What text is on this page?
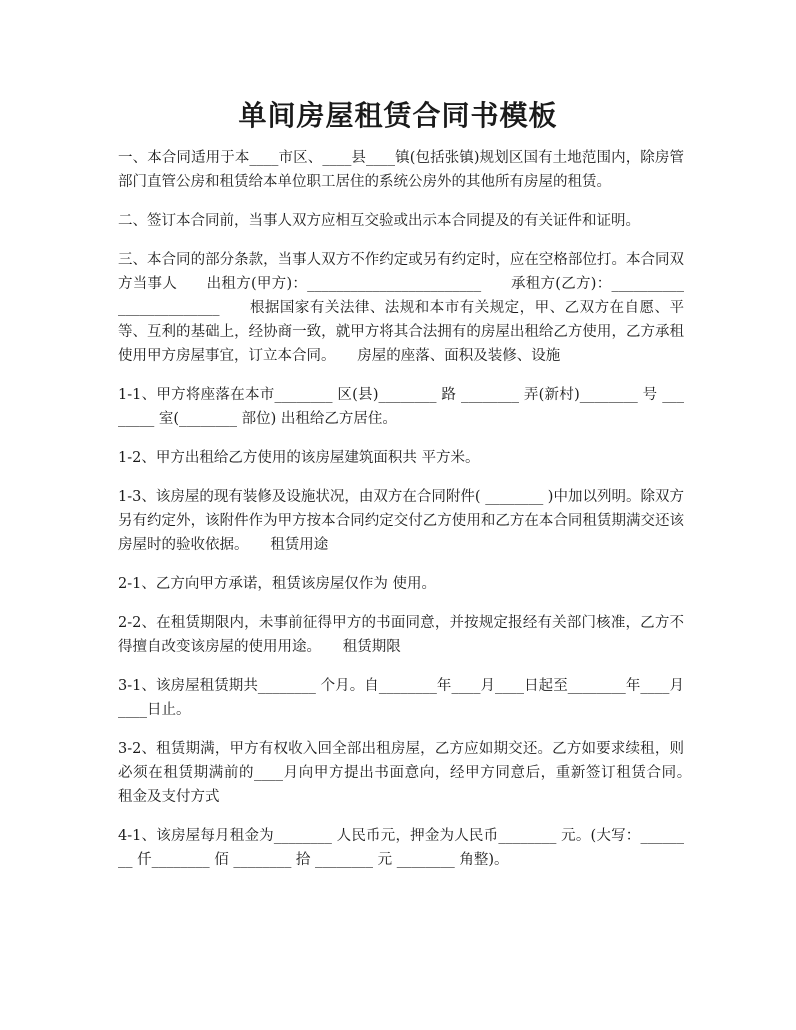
单间房屋租赁合同书模板

一、本合同适用于本____市区、____县____镇(包括张镇)规划区国有土地范围内，除房管部门直管公房和租赁给本单位职工居住的系统公房外的其他所有房屋的租赁。

二、签订本合同前，当事人双方应相互交验或出示本合同提及的有关证件和证明。

三、本合同的部分条款，当事人双方不作约定或另有约定时，应在空格部位打。本合同双方当事人　　出租方(甲方)：________________________　　承租方(乙方)：________________________　　根据国家有关法律、法规和本市有关规定，甲、乙双方在自愿、平等、互利的基础上，经协商一致，就甲方将其合法拥有的房屋出租给乙方使用，乙方承租使用甲方房屋事宜，订立本合同。　　房屋的座落、面积及装修、设施

1-1、甲方将座落在本市________ 区(县)________ 路 ________ 弄(新村)________ 号 ________ 室(________ 部位) 出租给乙方居住。

1-2、甲方出租给乙方使用的该房屋建筑面积共 平方米。

1-3、该房屋的现有装修及设施状况，由双方在合同附件( ________ )中加以列明。除双方另有约定外，该附件作为甲方按本合同约定交付乙方使用和乙方在本合同租赁期满交还该房屋时的验收依据。　　租赁用途

2-1、乙方向甲方承诺，租赁该房屋仅作为 使用。

2-2、在租赁期限内，未事前征得甲方的书面同意，并按规定报经有关部门核准，乙方不得擅自改变该房屋的使用用途。　　租赁期限

3-1、该房屋租赁期共________ 个月。自________年____月____日起至________年____月____日止。

3-2、租赁期满，甲方有权收入回全部出租房屋，乙方应如期交还。乙方如要求续租，则必须在租赁期满前的____月向甲方提出书面意向，经甲方同意后，重新签订租赁合同。　　租金及支付方式

4-1、该房屋每月租金为________ 人民币元，押金为人民币________ 元。(大写：________ 仟________ 佰 ________ 拾 ________ 元 ________ 角整)。
